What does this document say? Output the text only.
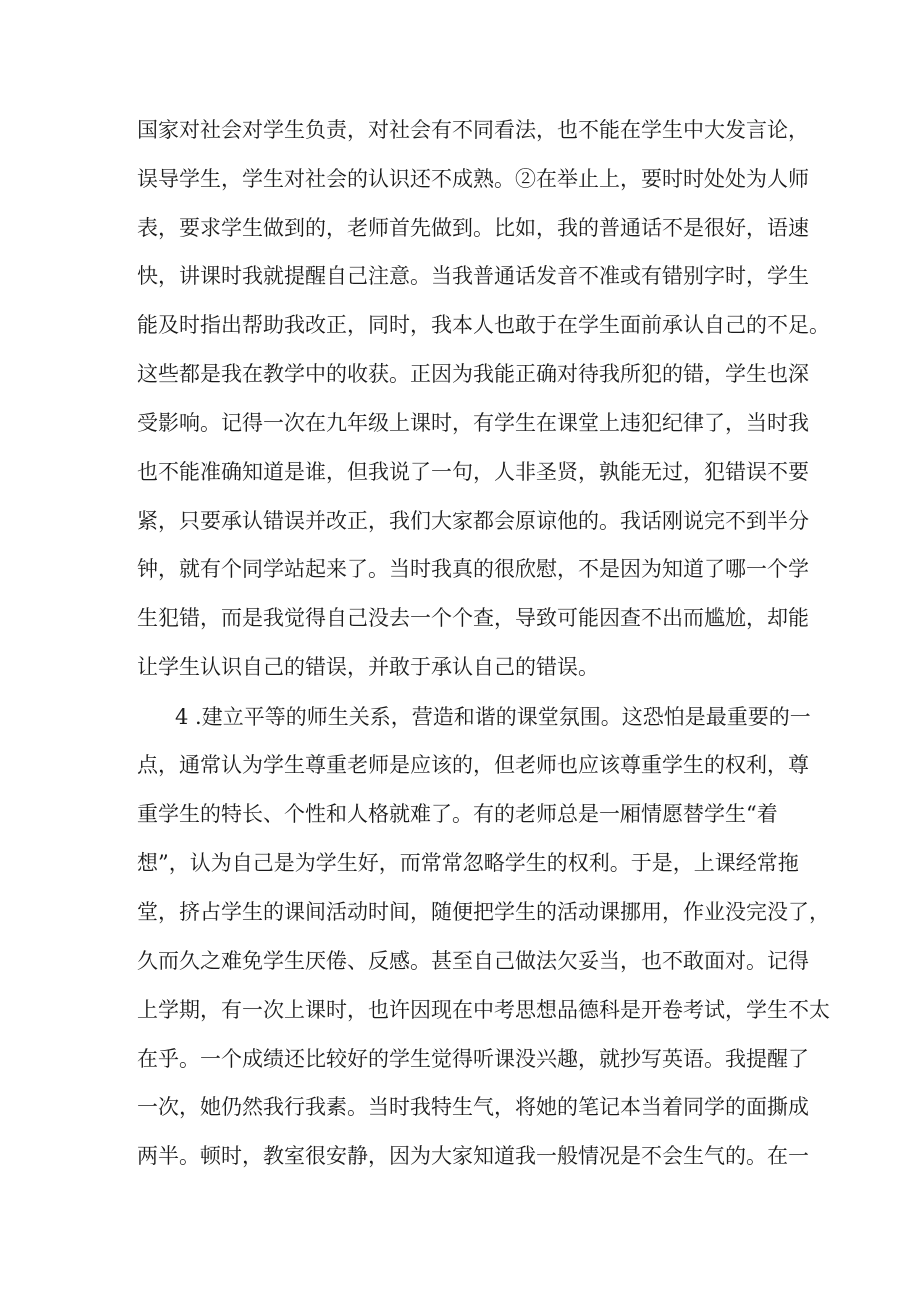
国家对社会对学生负责，对社会有不同看法，也不能在学生中大发言论，
误导学生，学生对社会的认识还不成熟。②在举止上，要时时处处为人师
表，要求学生做到的，老师首先做到。比如，我的普通话不是很好，语速
快，讲课时我就提醒自己注意。当我普通话发音不准或有错别字时，学生
能及时指出帮助我改正，同时，我本人也敢于在学生面前承认自己的不足。
这些都是我在教学中的收获。正因为我能正确对待我所犯的错，学生也深
受影响。记得一次在九年级上课时，有学生在课堂上违犯纪律了，当时我
也不能准确知道是谁，但我说了一句，人非圣贤，孰能无过，犯错误不要
紧，只要承认错误并改正，我们大家都会原谅他的。我话刚说完不到半分
钟，就有个同学站起来了。当时我真的很欣慰，不是因为知道了哪一个学
生犯错，而是我觉得自己没去一个个查，导致可能因查不出而尴尬，却能
让学生认识自己的错误，并敢于承认自己的错误。
4 .建立平等的师生关系，营造和谐的课堂氛围。这恐怕是最重要的一
点，通常认为学生尊重老师是应该的，但老师也应该尊重学生的权利，尊
重学生的特长、个性和人格就难了。有的老师总是一厢情愿替学生“着
想”，认为自己是为学生好，而常常忽略学生的权利。于是，上课经常拖
堂，挤占学生的课间活动时间，随便把学生的活动课挪用，作业没完没了，
久而久之难免学生厌倦、反感。甚至自己做法欠妥当，也不敢面对。记得
上学期，有一次上课时，也许因现在中考思想品德科是开卷考试，学生不太
在乎。一个成绩还比较好的学生觉得听课没兴趣，就抄写英语。我提醒了
一次，她仍然我行我素。当时我特生气，将她的笔记本当着同学的面撕成
两半。顿时，教室很安静，因为大家知道我一般情况是不会生气的。在一
